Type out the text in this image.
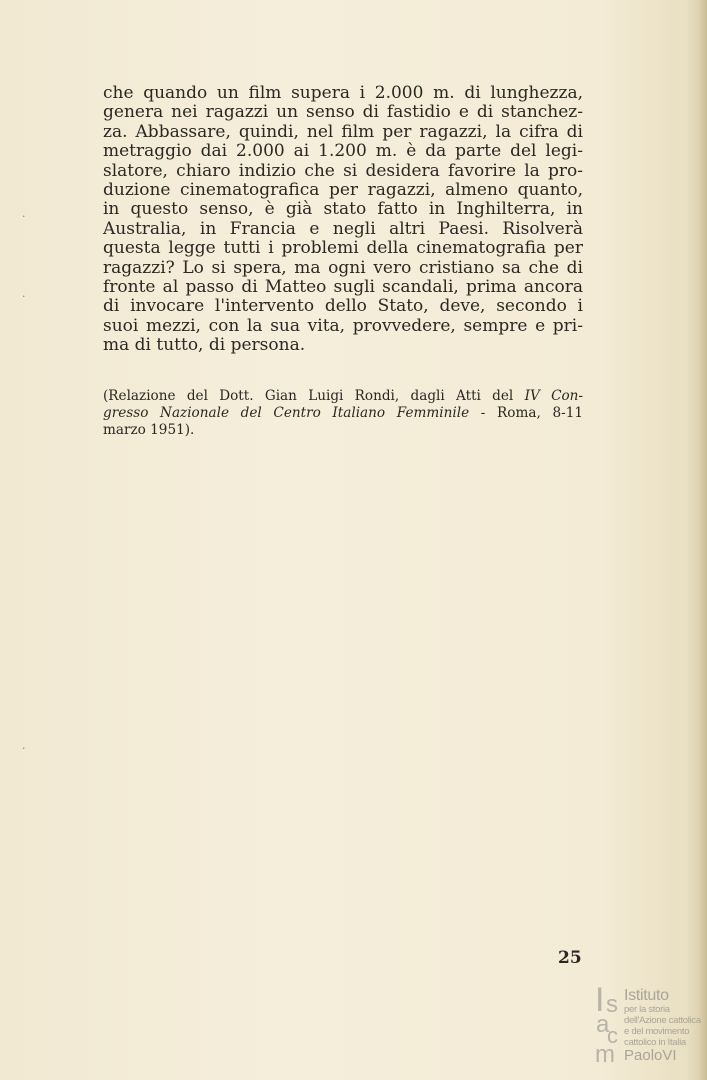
·
·
·
che quando un film supera i 2.000 m. di lunghezza,
genera nei ragazzi un senso di fastidio e di stanchez-
za. Abbassare, quindi, nel film per ragazzi, la cifra di
metraggio dai 2.000 ai 1.200 m. è da parte del legi-
slatore, chiaro indizio che si desidera favorire la pro-
duzione cinematografica per ragazzi, almeno quanto,
in questo senso, è già stato fatto in Inghilterra, in
Australia, in Francia e negli altri Paesi. Risolverà
questa legge tutti i problemi della cinematografia per
ragazzi? Lo si spera, ma ogni vero cristiano sa che di
fronte al passo di Matteo sugli scandali, prima ancora
di invocare l'intervento dello Stato, deve, secondo i
suoi mezzi, con la sua vita, provvedere, sempre e pri-
ma di tutto, di persona.
(Relazione del Dott. Gian Luigi Rondi, dagli Atti del IV Con-
gresso Nazionale del Centro Italiano Femminile - Roma, 8-11
marzo 1951).
25
I s
a
c
m
Istituto
per la storia
dell'Azione cattolica
e del movimento
cattolico in Italia
PaoloVI
